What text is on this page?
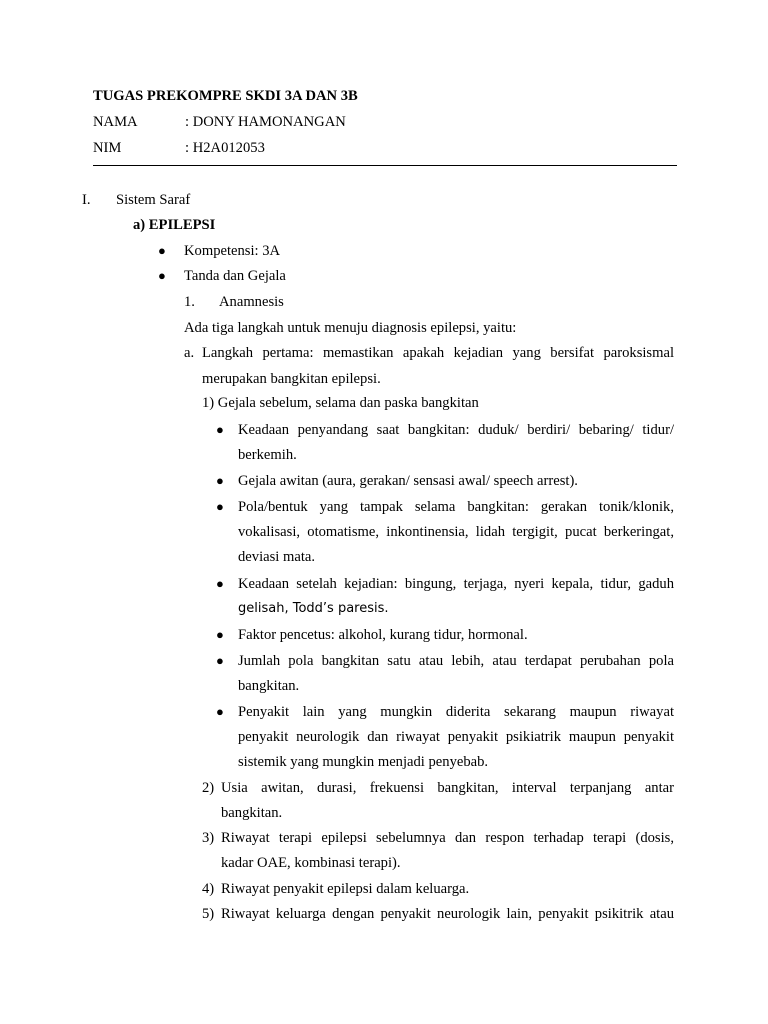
TUGAS PREKOMPRE SKDI 3A DAN 3B
NAMA	: DONY HAMONANGAN
NIM	: H2A012053
I. Sistem Saraf
a) EPILEPSI
● Kompetensi: 3A
● Tanda dan Gejala
1. Anamnesis
Ada tiga langkah untuk menuju diagnosis epilepsi, yaitu:
a. Langkah pertama: memastikan apakah kejadian yang bersifat paroksismal
merupakan bangkitan epilepsi.
1) Gejala sebelum, selama dan paska bangkitan
● Keadaan penyandang saat bangkitan: duduk/ berdiri/ bebaring/ tidur/
berkemih.
● Gejala awitan (aura, gerakan/ sensasi awal/ speech arrest).
● Pola/bentuk yang tampak selama bangkitan: gerakan tonik/klonik,
vokalisasi, otomatisme, inkontinensia, lidah tergigit, pucat berkeringat,
deviasi mata.
● Keadaan setelah kejadian: bingung, terjaga, nyeri kepala, tidur, gaduh
gelisah, Todd’s paresis.
● Faktor pencetus: alkohol, kurang tidur, hormonal.
● Jumlah pola bangkitan satu atau lebih, atau terdapat perubahan pola
bangkitan.
● Penyakit lain yang mungkin diderita sekarang maupun riwayat
penyakit neurologik dan riwayat penyakit psikiatrik maupun penyakit
sistemik yang mungkin menjadi penyebab.
2) Usia awitan, durasi, frekuensi bangkitan, interval terpanjang antar
bangkitan.
3) Riwayat terapi epilepsi sebelumnya dan respon terhadap terapi (dosis,
kadar OAE, kombinasi terapi).
4) Riwayat penyakit epilepsi dalam keluarga.
5) Riwayat keluarga dengan penyakit neurologik lain, penyakit psikitrik atau
